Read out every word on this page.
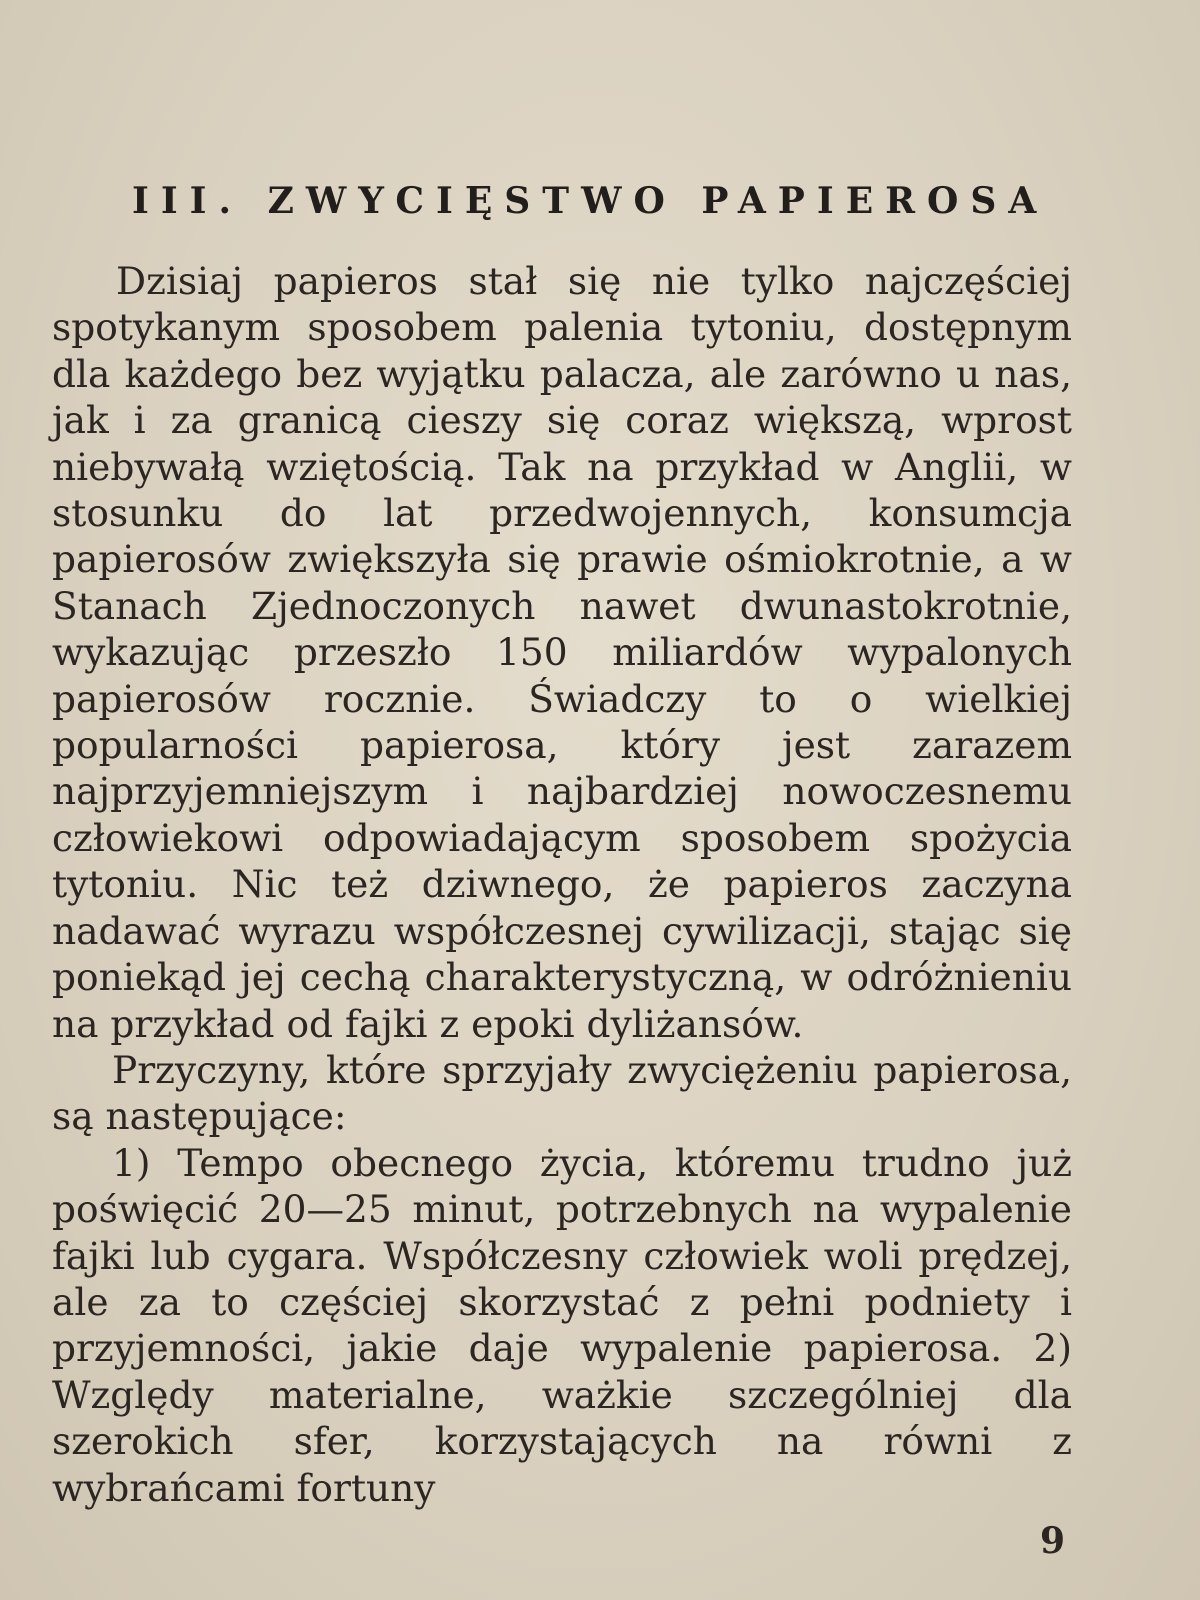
III. ZWYCIĘSTWO PAPIEROSA

Dzisiaj papieros stał się nie tylko najczęściej spotykanym sposobem palenia tytoniu, dostępnym dla każdego bez wyjątku palacza, ale zarówno u nas, jak i za granicą cieszy się coraz większą, wprost niebywałą wziętością. Tak na przykład w Anglii, w stosunku do lat przedwojennych, konsumcja papierosów zwiększyła się prawie ośmiokrotnie, a w Stanach Zjednoczonych nawet dwunastokrotnie, wykazując przeszło 150 miliardów wypalonych papierosów rocznie. Świadczy to o wielkiej popularności papierosa, który jest zarazem najprzyjemniejszym i najbardziej nowoczesnemu człowiekowi odpowiadającym sposobem spożycia tytoniu. Nic też dziwnego, że papieros zaczyna nadawać wyrazu współczesnej cywilizacji, stając się poniekąd jej cechą charakterystyczną, w odróżnieniu na przykład od fajki z epoki dyliżansów.

Przyczyny, które sprzyjały zwyciężeniu papierosa, są następujące:

1) Tempo obecnego życia, któremu trudno już poświęcić 20—25 minut, potrzebnych na wypalenie fajki lub cygara. Współczesny człowiek woli prędzej, ale za to częściej skorzystać z pełni podniety i przyjemności, jakie daje wypalenie papierosa. 2) Względy materialne, ważkie szczególniej dla szerokich sfer, korzystających na równi z wybrańcami fortuny

9
